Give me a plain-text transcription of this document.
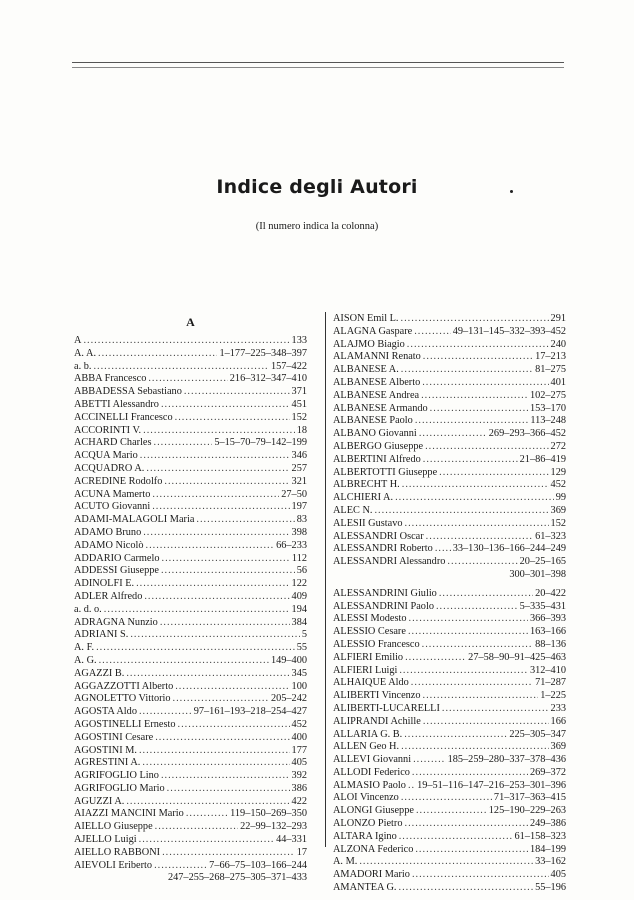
Indice degli Autori
(Il numero indica la colonna)
A
A .....	133
A. A. .....	1–177–225–348–397
a. b. .....	157–422
ABBA Francesco .....	216–312–347–410
ABBADESSA Sebastiano .....	371
ABETTI Alessandro .....	451
ACCINELLI Francesco .....	152
ACCORINTI V. .....	18
ACHARD Charles .....	5–15–70–79–142–199
ACQUA Mario .....	346
ACQUADRO A. .....	257
ACREDINE Rodolfo .....	321
ACUNA Mamerto .....	27–50
ACUTO Giovanni .....	197
ADAMI-MALAGOLI Maria .....	83
ADAMO Bruno .....	398
ADAMO Nicolò .....	66–233
ADDARIO Carmelo .....	112
ADDESSI Giuseppe .....	56
ADINOLFI E. .....	122
ADLER Alfredo .....	409
a. d. o. .....	194
ADRAGNA Nunzio .....	384
ADRIANI S. .....	5
A. F. .....	55
A. G. .....	149–400
AGAZZI B. .....	345
AGGAZZOTTI Alberto .....	100
AGNOLETTO Vittorio .....	205–242
AGOSTA Aldo .....	97–161–193–218–254–427
AGOSTINELLI Ernesto .....	452
AGOSTINI Cesare .....	400
AGOSTINI M. .....	177
AGRESTINI A. .....	405
AGRIFOGLIO Lino .....	392
AGRIFOGLIO Mario .....	386
AGUZZI A. .....	422
AIAZZI MANCINI Mario .....	119–150–269–350
AIELLO Giuseppe .....	22–99–132–293
AJELLO Luigi .....	44–331
AIELLO RABBONI .....	17
AIEVOLI Eriberto .....	7–66–75–103–166–244
247–255–268–275–305–371–433
AISON Emil L. .....	291
ALAGNA Gaspare .....	49–131–145–332–393–452
ALAJMO Biagio .....	240
ALAMANNI Renato .....	17–213
ALBANESE A. .....	81–275
ALBANESE Alberto .....	401
ALBANESE Andrea .....	102–275
ALBANESE Armando .....	153–170
ALBANESE Paolo .....	113–248
ALBANO Giovanni .....	269–293–366–452
ALBERGO Giuseppe .....	272
ALBERTINI Alfredo .....	21–86–419
ALBERTOTTI Giuseppe .....	129
ALBRECHT H. .....	452
ALCHIERI A. .....	99
ALEC N. .....	369
ALESII Gustavo .....	152
ALESSANDRI Oscar .....	61–323
ALESSANDRI Roberto ..... 33–130–136–166–244–249
ALESSANDRI Alessandro .....	20–25–165
300–301–398
ALESSANDRINI Giulio .....	20–422
ALESSANDRINI Paolo .....	5–335–431
ALESSI Modesto .....	366–393
ALESSIO Cesare .....	163–166
ALESSIO Francesco .....	88–136
ALFIERI Emilio .....	27–58–90–91–425–463
ALFIERI Luigi .....	312–410
ALHAIQUE Aldo .....	71–287
ALIBERTI Vincenzo .....	1–225
ALIBERTI-LUCARELLI .....	233
ALIPRANDI Achille .....	166
ALLARIA G. B. .....	225–305–347
ALLEN Geo H. .....	369
ALLEVI Giovanni .....	185–259–280–337–378–436
ALLODI Federico .....	269–372
ALMASIO Paolo ..... 19–51–116–147–216–253–301–396
ALOI Vincenzo .....	71–317–363–415
ALONGI Giuseppe .....	125–190–229–263
ALONZO Pietro .....	249–386
ALTARA Igino .....	61–158–323
ALZONA Federico .....	184–199
A. M. .....	33–162
AMADORI Mario .....	405
AMANTEA G. .....	55–196
